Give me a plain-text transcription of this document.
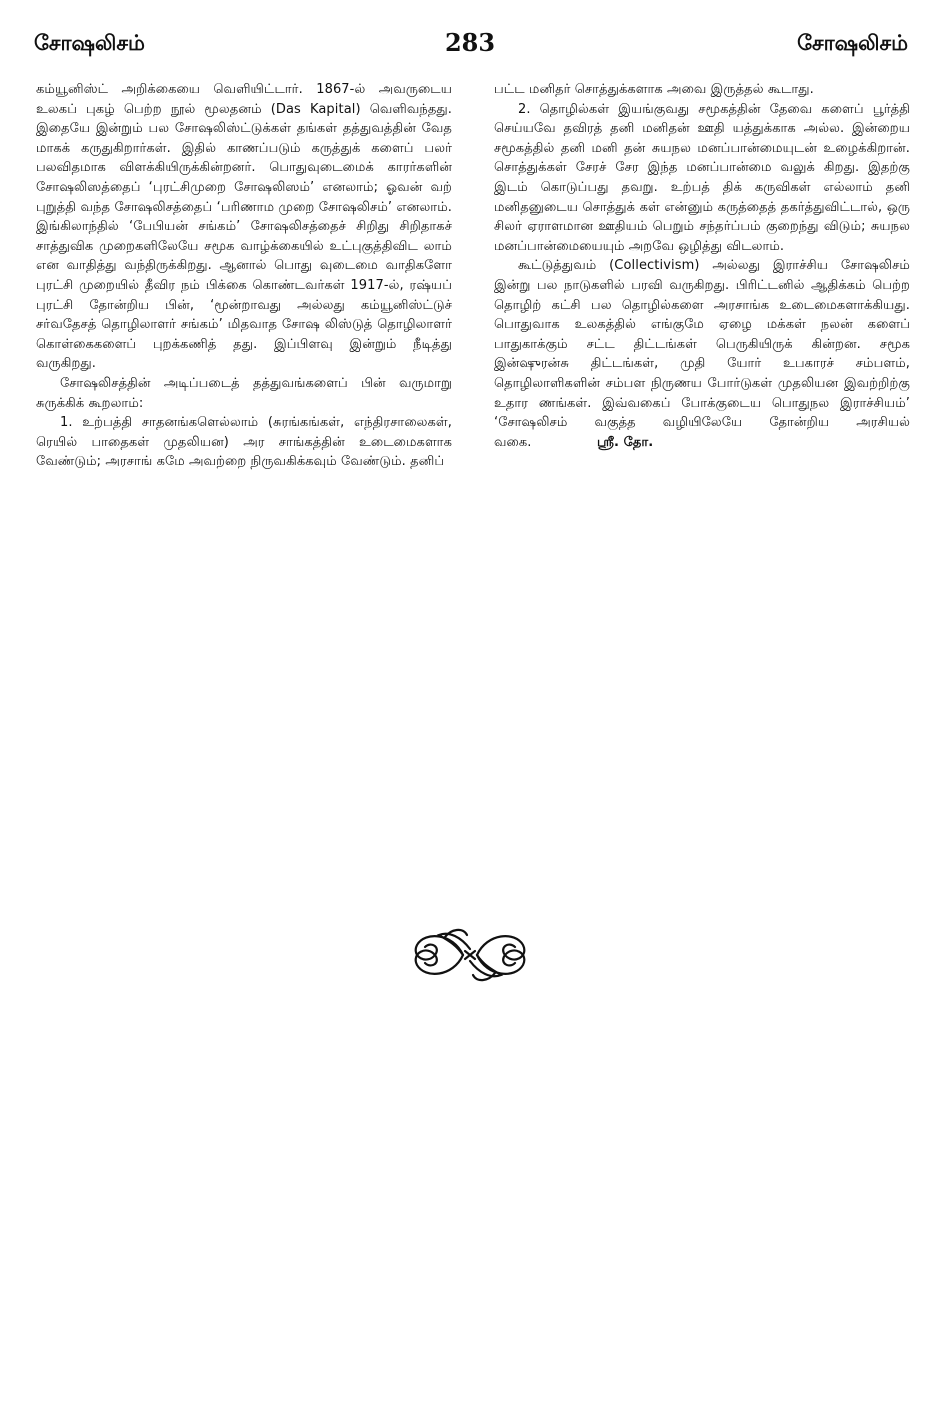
சோஷலிசம்	283	சோஷலிசம்

கம்யூனிஸ்ட் அறிக்கையை வெளியிட்டார். 1867-ல் அவருடைய உலகப் புகழ் பெற்ற நூல் மூலதனம் (Das Kapital) வெளிவந்தது. இதையே இன்றும் பல சோஷலிஸ்ட்டுக்கள் தங்கள் தத்துவத்தின் வேத மாகக் கருதுகிறார்கள். இதில் காணப்படும் கருத்துக் களைப் பலர் பலவிதமாக விளக்கியிருக்கின்றனர். பொதுவுடைமைக் காரர்களின் சோஷலிஸத்தைப் ‘புரட்சிமுறை சோஷலிஸம்’ எனலாம்; ஓவன் வற் புறுத்தி வந்த சோஷலிசத்தைப் ‘பரிணாம முறை சோஷலிசம்’ எனலாம். இங்கிலாந்தில் ‘பேபியன் சங்கம்’ சோஷலிசத்தைச் சிறிது சிறிதாகச் சாத்துவிக முறைகளிலேயே சமூக வாழ்க்கையில் உட்புகுத்திவிட லாம் என வாதித்து வந்திருக்கிறது. ஆனால் பொது வுடைமை வாதிகளோ புரட்சி முறையில் தீவிர நம் பிக்கை கொண்டவர்கள் 1917-ல், ரஷ்யப் புரட்சி தோன்றிய பின், ‘மூன்றாவது அல்லது கம்யூனிஸ்ட்டுச் சர்வதேசத் தொழிலாளர் சங்கம்’ மிதவாத சோஷ லிஸ்டுத் தொழிலாளர் கொள்கைகளைப் புறக்கணித் தது. இப்பிளவு இன்றும் நீடித்து வருகிறது.

சோஷலிசத்தின் அடிப்படைத் தத்துவங்களைப் பின் வருமாறு சுருக்கிக் கூறலாம்:

1. உற்பத்தி சாதனங்களெல்லாம் (சுரங்கங்கள், எந்திரசாலைகள், ரெயில் பாதைகள் முதலியன) அர சாங்கத்தின் உடைமைகளாக வேண்டும்; அரசாங் கமே அவற்றை நிருவகிக்கவும் வேண்டும். தனிப்

பட்ட மனிதர் சொத்துக்களாக அவை இருத்தல் கூடாது.

2. தொழில்கள் இயங்குவது சமூகத்தின் தேவை களைப் பூர்த்தி செய்யவே தவிரத் தனி மனிதன் ஊதி யத்துக்காக அல்ல. இன்றைய சமூகத்தில் தனி மனி தன் சுயநல மனப்பான்மையுடன் உழைக்கிறான். சொத்துக்கள் சேரச் சேர இந்த மனப்பான்மை வலுக் கிறது. இதற்கு இடம் கொடுப்பது தவறு. உற்பத் திக் கருவிகள் எல்லாம் தனி மனிதனுடைய சொத்துக் கள் என்னும் கருத்தைத் தகர்த்துவிட்டால், ஒரு சிலர் ஏராளமான ஊதியம் பெறும் சந்தர்ப்பம் குறைந்து விடும்; சுயநல மனப்பான்மையையும் அறவே ஒழித்து விடலாம்.

கூட்டுத்துவம் (Collectivism) அல்லது இராச்சிய சோஷலிசம் இன்று பல நாடுகளில் பரவி வருகிறது. பிரிட்டனில் ஆதிக்கம் பெற்ற தொழிற் கட்சி பல தொழில்களை அரசாங்க உடைமைகளாக்கியது. பொதுவாக உலகத்தில் எங்குமே ஏழை மக்கள் நலன் களைப் பாதுகாக்கும் சட்ட திட்டங்கள் பெருகியிருக் கின்றன. சமூக இன்ஷுரன்சு திட்டங்கள், முதி யோர் உபகாரச் சம்பளம், தொழிலாளிகளின் சம்பள நிருணய போர்டுகள் முதலியன இவற்றிற்கு உதார ணங்கள். இவ்வகைப் போக்குடைய பொதுநல இராச்சியம்’ ‘சோஷலிசம் வகுத்த வழியிலேயே தோன்றிய அரசியல் வகை.     	ஸ்ரீ. தோ.
